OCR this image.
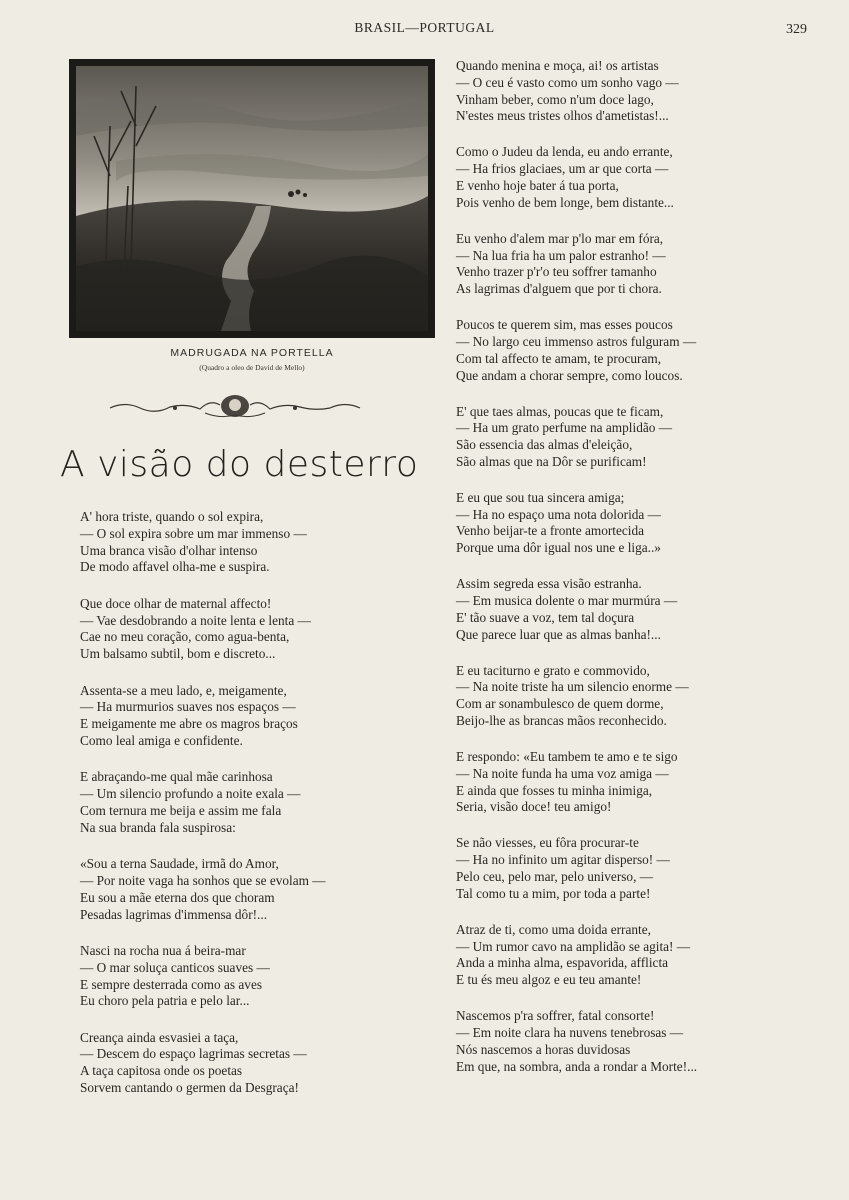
BRASIL—PORTUGAL	329
MADRUGADA NA PORTELLA
(Quadro a oleo de David de Mello)
A visão do desterro

A' hora triste, quando o sol expira,

— O sol expira sobre um mar immenso —

Uma branca visão d'olhar intenso

De modo affavel olha-me e suspira.

Que doce olhar de maternal affecto!

— Vae desdobrando a noite lenta e lenta —

Cae no meu coração, como agua-benta,

Um balsamo subtil, bom e discreto...

Assenta-se a meu lado, e, meigamente,

— Ha murmurios suaves nos espaços —

E meigamente me abre os magros braços

Como leal amiga e confidente.

E abraçando-me qual mãe carinhosa

— Um silencio profundo a noite exala —

Com ternura me beija e assim me fala

Na sua branda fala suspirosa:

«Sou a terna Saudade, irmã do Amor,

— Por noite vaga ha sonhos que se evolam —

Eu sou a mãe eterna dos que choram

Pesadas lagrimas d'immensa dôr!...

Nasci na rocha nua á beira-mar

— O mar soluça canticos suaves —

E sempre desterrada como as aves

Eu choro pela patria e pelo lar...

Creança ainda esvasiei a taça,

— Descem do espaço lagrimas secretas —

A taça capitosa onde os poetas

Sorvem cantando o germen da Desgraça!

Quando menina e moça, ai! os artistas

— O ceu é vasto como um sonho vago —

Vinham beber, como n'um doce lago,

N'estes meus tristes olhos d'ametistas!...

Como o Judeu da lenda, eu ando errante,

— Ha frios glaciaes, um ar que corta —

E venho hoje bater á tua porta,

Pois venho de bem longe, bem distante...

Eu venho d'alem mar p'lo mar em fóra,

— Na lua fria ha um palor estranho! —

Venho trazer p'r'o teu soffrer tamanho

As lagrimas d'alguem que por ti chora.

Poucos te querem sim, mas esses poucos

— No largo ceu immenso astros fulguram —

Com tal affecto te amam, te procuram,

Que andam a chorar sempre, como loucos.

E' que taes almas, poucas que te ficam,

— Ha um grato perfume na amplidão —

São essencia das almas d'eleição,

São almas que na Dôr se purificam!

E eu que sou tua sincera amiga;

— Ha no espaço uma nota dolorida —

Venho beijar-te a fronte amortecida

Porque uma dôr igual nos une e liga..»

Assim segreda essa visão estranha.

— Em musica dolente o mar murmúra —

E' tão suave a voz, tem tal doçura

Que parece luar que as almas banha!...

E eu taciturno e grato e commovido,

— Na noite triste ha um silencio enorme —

Com ar sonambulesco de quem dorme,

Beijo-lhe as brancas mãos reconhecido.

E respondo: «Eu tambem te amo e te sigo

— Na noite funda ha uma voz amiga —

E ainda que fosses tu minha inimiga,

Seria, visão doce! teu amigo!

Se não viesses, eu fôra procurar-te

— Ha no infinito um agitar disperso! —

Pelo ceu, pelo mar, pelo universo, —

Tal como tu a mim, por toda a parte!

Atraz de ti, como uma doida errante,

— Um rumor cavo na amplidão se agita! —

Anda a minha alma, espavorida, afflicta

E tu és meu algoz e eu teu amante!

Nascemos p'ra soffrer, fatal consorte!

— Em noite clara ha nuvens tenebrosas —

Nós nascemos a horas duvidosas

Em que, na sombra, anda a rondar a Morte!...
